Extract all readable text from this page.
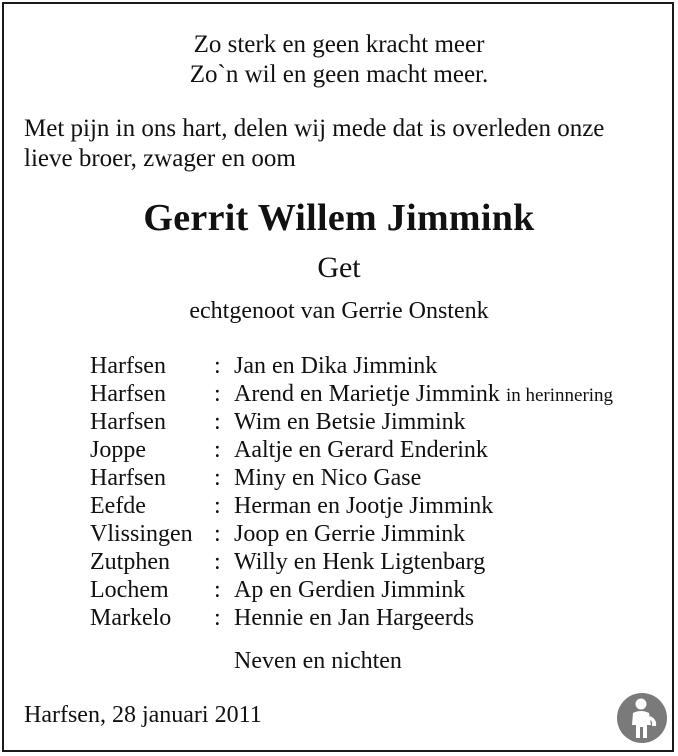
Zo sterk en geen kracht meer
Zo`n wil en geen macht meer.
Met pijn in ons hart, delen wij mede dat is overleden onze
lieve broer, zwager en oom
Gerrit Willem Jimmink
Get
echtgenoot van Gerrie Onstenk
Harfsen : Jan en Dika Jimmink
Harfsen : Arend en Marietje Jimmink in herinnering
Harfsen : Wim en Betsie Jimmink
Joppe	: Aaltje en Gerard Enderink
Harfsen : Miny en Nico Gase
Eefde	: Herman en Jootje Jimmink
Vlissingen : Joop en Gerrie Jimmink
Zutphen : Willy en Henk Ligtenbarg
Lochem : Ap en Gerdien Jimmink
Markelo : Hennie en Jan Hargeerds
Neven en nichten
Harfsen, 28 januari 2011
